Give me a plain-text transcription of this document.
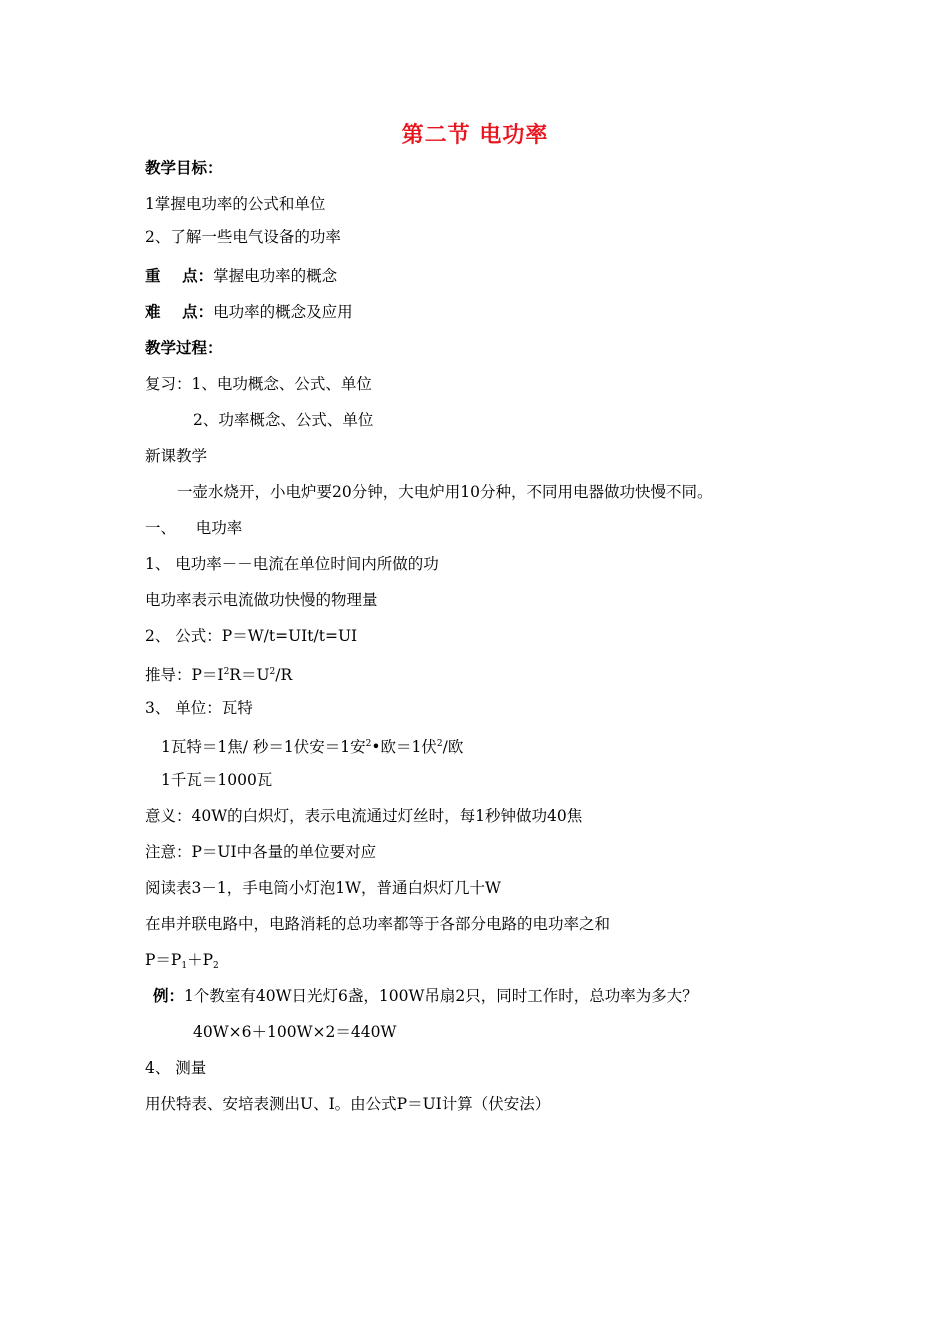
第二节 电功率
教学目标：
1掌握电功率的公式和单位
2、了解一些电气设备的功率
重    点：掌握电功率的概念
难    点：电功率的概念及应用
教学过程：
复习：1、电功概念、公式、单位
2、功率概念、公式、单位
新课教学
一壶水烧开，小电炉要20分钟，大电炉用10分种，不同用电器做功快慢不同。
一、    电功率
1、 电功率－－电流在单位时间内所做的功
电功率表示电流做功快慢的物理量
2、 公式：P＝W/t=UIt/t=UI
推导：$P=I^2R=U^2/R$
3、 单位：瓦特
1瓦特＝1焦/ 秒＝1伏安＝1安$^2$•欧＝1伏$^2$/欧
1千瓦＝1000瓦
意义：40W的白炽灯，表示电流通过灯丝时，每1秒钟做功40焦
注意：P＝UI中各量的单位要对应
阅读表3－1，手电筒小灯泡1W，普通白炽灯几十W
在串并联电路中，电路消耗的总功率都等于各部分电路的电功率之和
$P=P_1+P_2$
例：1个教室有40W日光灯6盏，100W吊扇2只，同时工作时，总功率为多大？
40W×6＋100W×2＝440W
4、 测量
用伏特表、安培表测出U、I。由公式P＝UI计算（伏安法）
